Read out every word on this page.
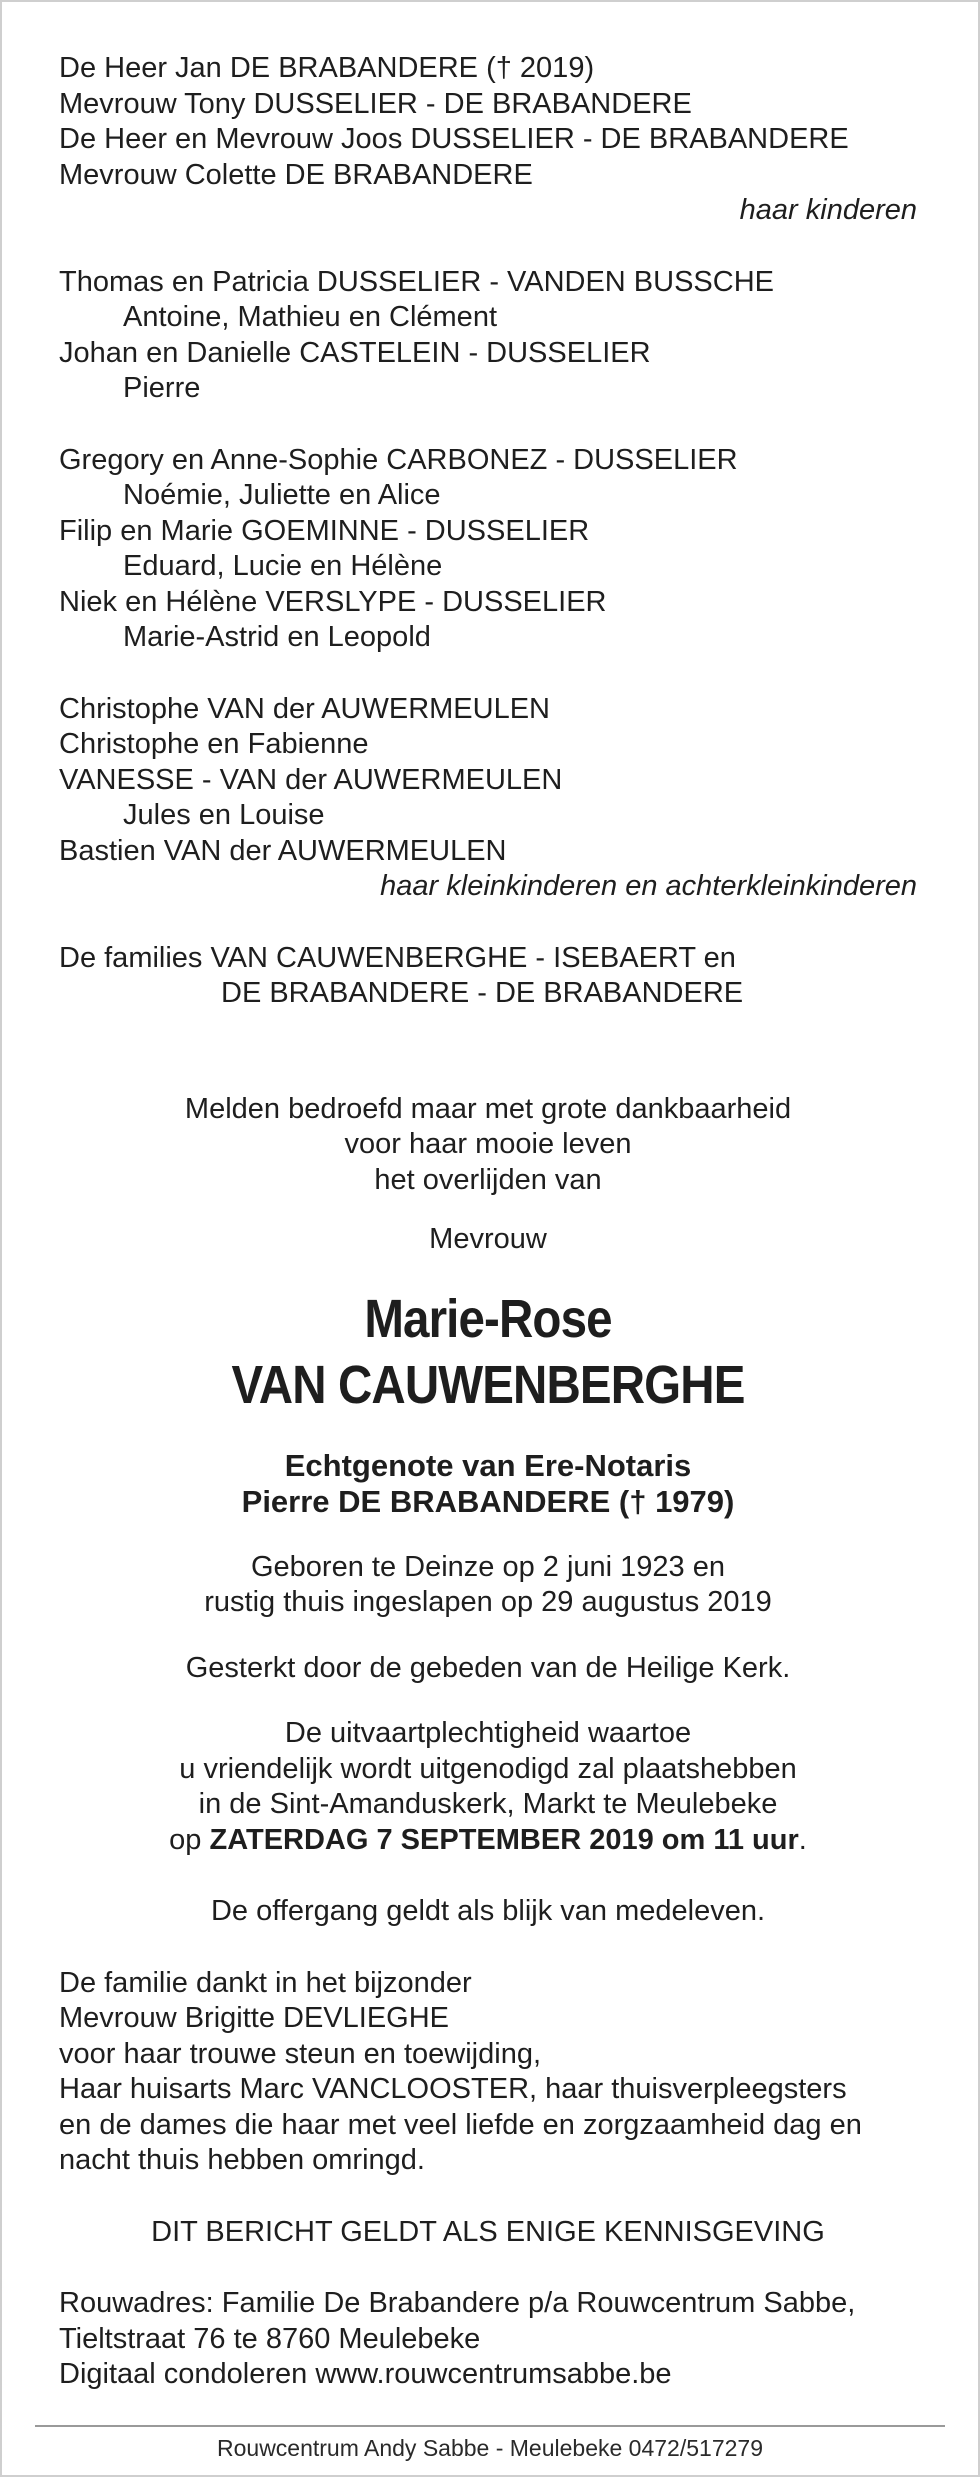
De Heer Jan DE BRABANDERE († 2019)
Mevrouw Tony DUSSELIER - DE BRABANDERE
De Heer en Mevrouw Joos DUSSELIER - DE BRABANDERE
Mevrouw Colette DE BRABANDERE
haar kinderen
Thomas en Patricia DUSSELIER - VANDEN BUSSCHE
Antoine, Mathieu en Clément
Johan en Danielle CASTELEIN - DUSSELIER
Pierre
Gregory en Anne-Sophie CARBONEZ - DUSSELIER
Noémie, Juliette en Alice
Filip en Marie GOEMINNE - DUSSELIER
Eduard, Lucie en Hélène
Niek en Hélène VERSLYPE - DUSSELIER
Marie-Astrid en Leopold
Christophe VAN der AUWERMEULEN
Christophe en Fabienne
VANESSE - VAN der AUWERMEULEN
Jules en Louise
Bastien VAN der AUWERMEULEN
haar kleinkinderen en achterkleinkinderen
De families VAN CAUWENBERGHE - ISEBAERT en
DE BRABANDERE - DE BRABANDERE
Melden bedroefd maar met grote dankbaarheid
voor haar mooie leven
het overlijden van
Mevrouw
Marie-Rose
VAN CAUWENBERGHE
Echtgenote van Ere-Notaris
Pierre DE BRABANDERE († 1979)
Geboren te Deinze op 2 juni 1923 en
rustig thuis ingeslapen op 29 augustus 2019
Gesterkt door de gebeden van de Heilige Kerk.
De uitvaartplechtigheid waartoe
u vriendelijk wordt uitgenodigd zal plaatshebben
in de Sint-Amanduskerk, Markt te Meulebeke
op ZATERDAG 7 SEPTEMBER 2019 om 11 uur.
De offergang geldt als blijk van medeleven.
De familie dankt in het bijzonder
Mevrouw Brigitte DEVLIEGHE
voor haar trouwe steun en toewijding,
Haar huisarts Marc VANCLOOSTER, haar thuisverpleegsters
en de dames die haar met veel liefde en zorgzaamheid dag en
nacht thuis hebben omringd.
DIT BERICHT GELDT ALS ENIGE KENNISGEVING
Rouwadres: Familie De Brabandere p/a Rouwcentrum Sabbe,
Tieltstraat 76 te 8760 Meulebeke
Digitaal condoleren www.rouwcentrumsabbe.be
Rouwcentrum Andy Sabbe - Meulebeke 0472/517279
